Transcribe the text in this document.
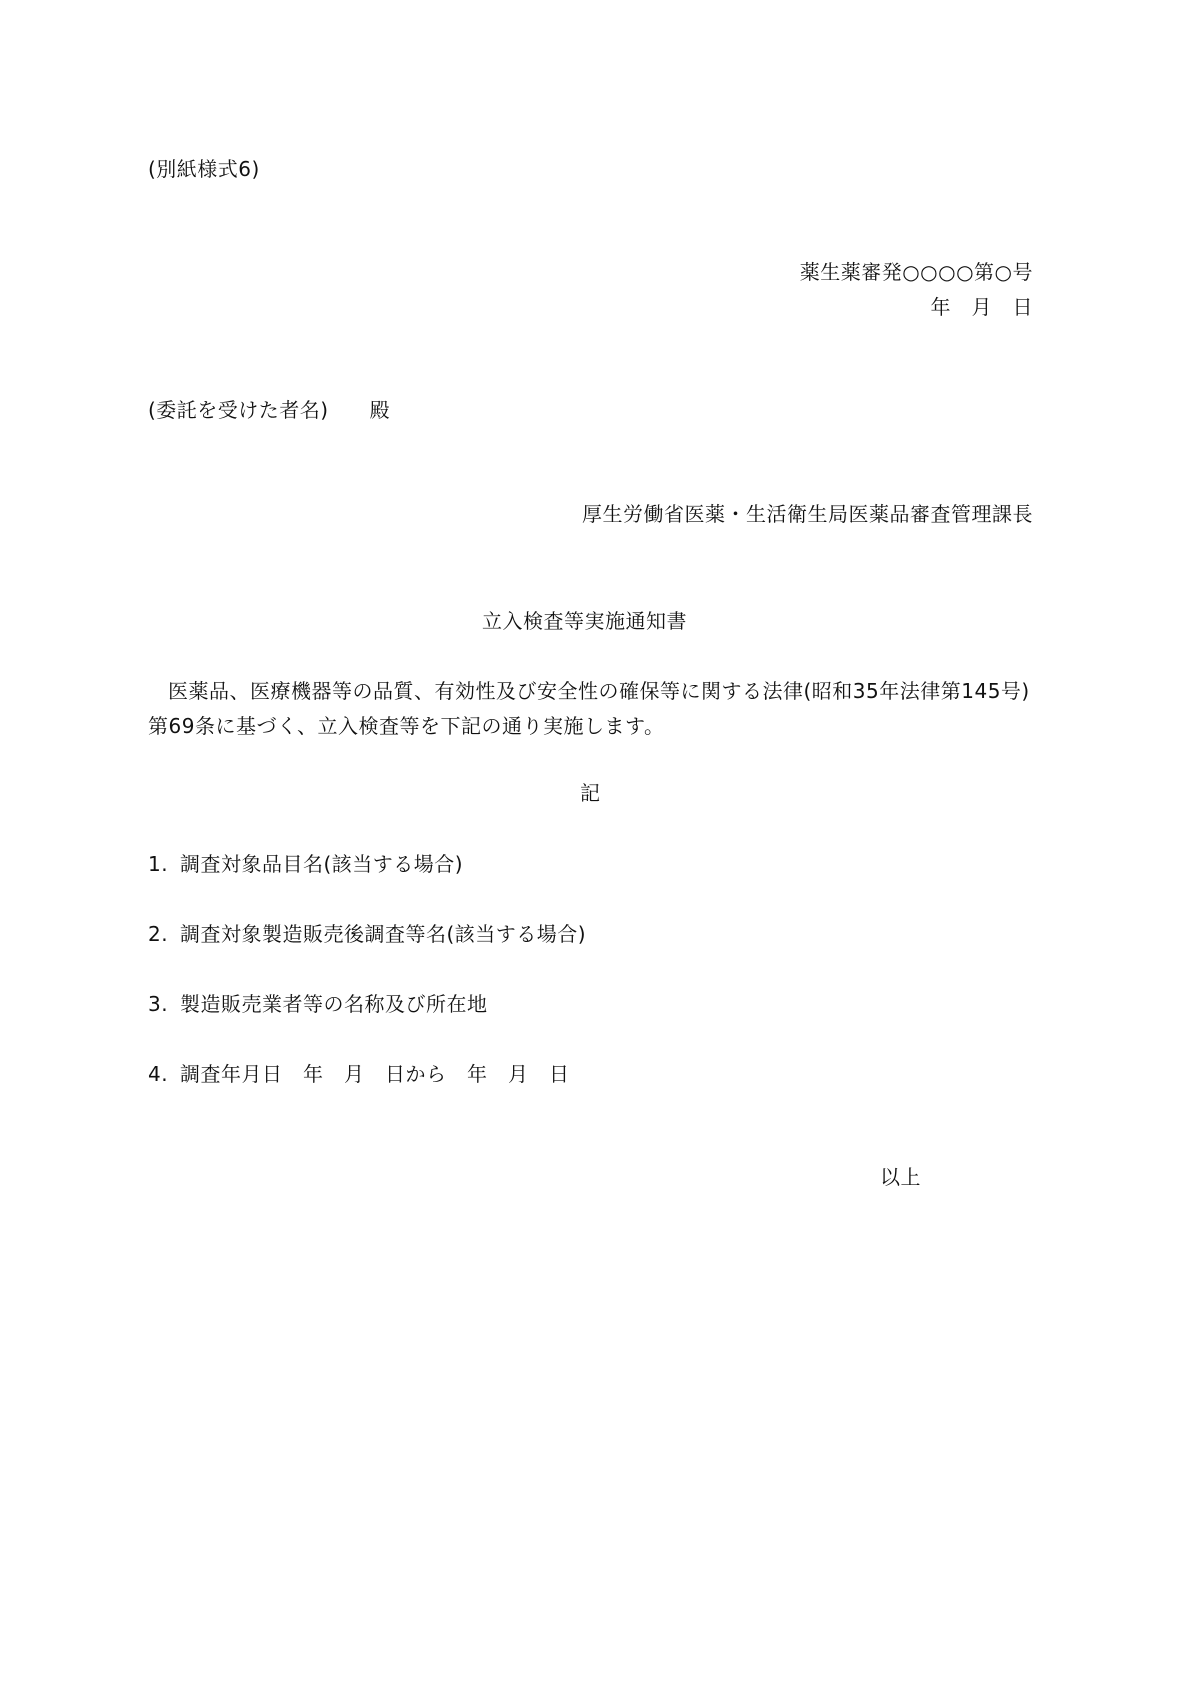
(別紙様式6)
薬生薬審発○○○○第○号
年　月　日
(委託を受けた者名)　　殿
厚生労働省医薬・生活衛生局医薬品審査管理課長
立入検査等実施通知書
医薬品、医療機器等の品質、有効性及び安全性の確保等に関する法律(昭和35年法律第145号)第69条に基づく、立入検査等を下記の通り実施します。
記
1. 調査対象品目名(該当する場合)
2. 調査対象製造販売後調査等名(該当する場合)
3. 製造販売業者等の名称及び所在地
4. 調査年月日　年　月　日から　年　月　日
以上
